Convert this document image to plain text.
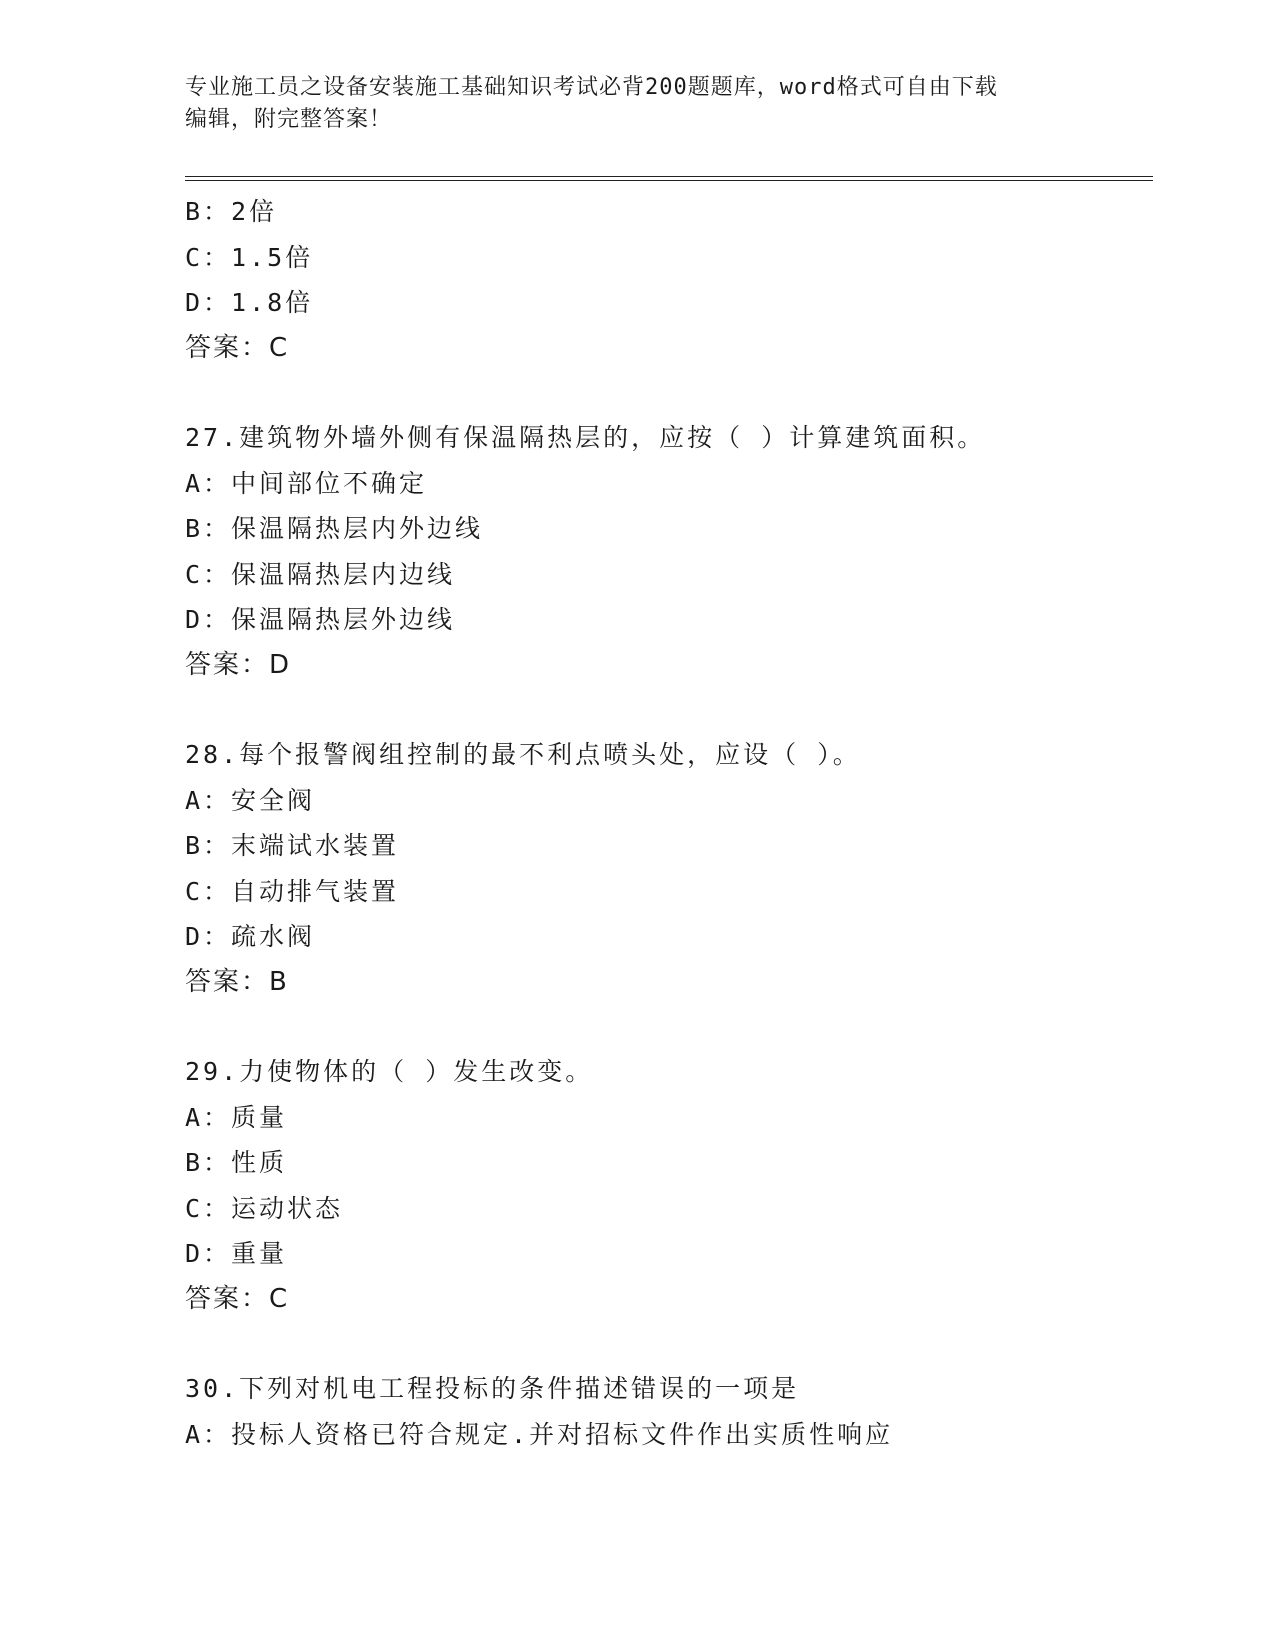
专业施工员之设备安装施工基础知识考试必背200题题库，word格式可自由下载
编辑，附完整答案！
B：2倍
C：1.5倍
D：1.8倍
答案：C
27.建筑物外墙外侧有保温隔热层的，应按（ ）计算建筑面积。
A：中间部位不确定
B：保温隔热层内外边线
C：保温隔热层内边线
D：保温隔热层外边线
答案：D
28.每个报警阀组控制的最不利点喷头处，应设（ ）。
A：安全阀
B：末端试水装置
C：自动排气装置
D：疏水阀
答案：B
29.力使物体的（ ）发生改变。
A：质量
B：性质
C：运动状态
D：重量
答案：C
30.下列对机电工程投标的条件描述错误的一项是
A：投标人资格已符合规定.并对招标文件作出实质性响应
